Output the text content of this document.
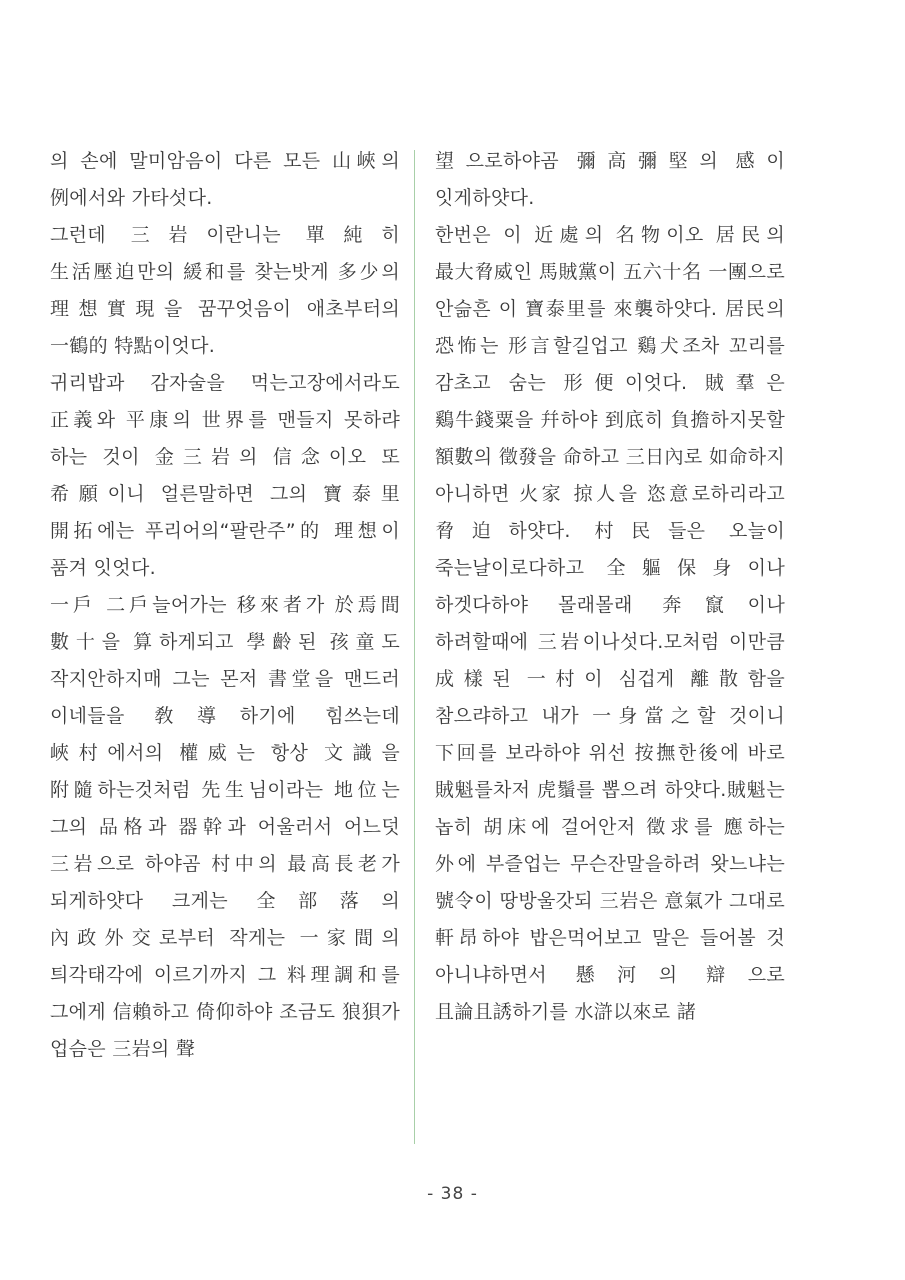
의 손에 말미암음이 다른 모든 山峽의 例에서와 가타섯다.

그런데 三岩이란니는 單純히 生活壓迫만의 緩和를 찾는밧게 多少의 理想實現을 꿈꾸엇음이 애초부터의 一鶴的 特點이엇다.

귀리밥과 감자술을 먹는고장에서라도 正義와 平康의 世界를 맨들지 못하랴 하는 것이 金三岩의 信念이오 또 希願이니 얼른말하면 그의 寶泰里 開拓에는 푸리어의“팔란주”的 理想이 품겨 잇엇다.

一戶 二戶늘어가는 移來者가 於焉間 數十을 算하게되고 學齡된 孩童도 작지안하지매 그는 몬저 書堂을 맨드러 이네들을 敎導하기에 힘쓰는데 峽村에서의 權威는 항상 文識을 附隨하는것처럼 先生님이라는 地位는 그의 品格과 器幹과 어울러서 어느덧 三岩으로 하야곰 村中의 最高長老가 되게하얏다 크게는 全部落의 內政外交로부터 작게는 一家間의 틔각태각에 이르기까지 그 料理調和를 그에게 信賴하고 倚仰하야 조금도 狼狽가 업슴은 三岩의 聲

望으로하야곰 彌高彌堅의 感이 잇게하얏다.

한번은 이 近處의 名物이오 居民의 最大脅威인 馬賊黨이 五六十名 一團으로 안슮흔 이 寶泰里를 來襲하얏다. 居民의 恐怖는 形言할길업고 鷄犬조차 꼬리를 감초고 숨는 形便이엇다. 賊羣은 鷄牛錢粟을 幷하야 到底히 負擔하지못할 額數의 徵發을 命하고 三日內로 如命하지 아니하면 火家 掠人을 恣意로하리라고 脅迫하얏다. 村民들은 오늘이 죽는날이로다하고 全軀保身이나 하겟다하야 몰래몰래 奔竄이나 하려할때에 三岩이나섯다.모처럼 이만큼 成樣된 一村이 심겁게 離散함을 참으랴하고 내가 一身當之할 것이니 下回를 보라하야 위선 按撫한後에 바로 賊魁를차저 虎鬚를 뽑으려 하얏다.賊魁는 놉히 胡床에 걸어안저 徵求를 應하는 外에 부즐업는 무슨잔말을하려 왓느냐는 號令이 땅방울갓되 三岩은 意氣가 그대로 軒昂하야 밥은먹어보고 말은 들어볼 것 아니냐하면서 懸河의 辯으로 且論且誘하기를 水滸以來로 諸

- 38 -
